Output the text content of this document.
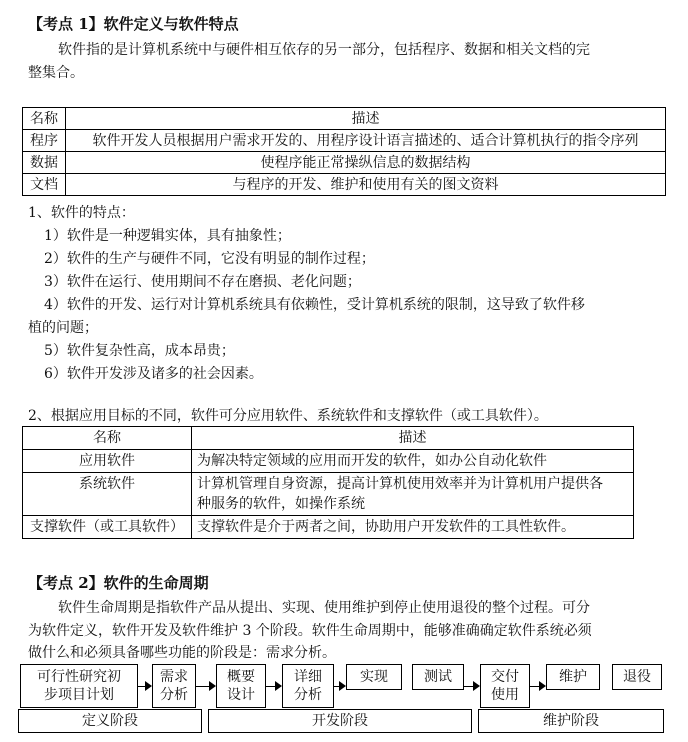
【考点 1】软件定义与软件特点
软件指的是计算机系统中与硬件相互依存的另一部分，包括程序、数据和相关文档的完
整集合。
名称	描述
程序	软件开发人员根据用户需求开发的、用程序设计语言描述的、适合计算机执行的指令序列
数据	使程序能正常操纵信息的数据结构
文档	与程序的开发、维护和使用有关的图文资料
1、软件的特点：
1）软件是一种逻辑实体，具有抽象性；
2）软件的生产与硬件不同，它没有明显的制作过程；
3）软件在运行、使用期间不存在磨损、老化问题；
4）软件的开发、运行对计算机系统具有依赖性，受计算机系统的限制，这导致了软件移
植的问题；
5）软件复杂性高，成本昂贵；
6）软件开发涉及诸多的社会因素。
2、根据应用目标的不同，软件可分应用软件、系统软件和支撑软件（或工具软件）。
名称	描述
应用软件	为解决特定领域的应用而开发的软件，如办公自动化软件
系统软件	计算机管理自身资源，提高计算机使用效率并为计算机用户提供各
种服务的软件，如操作系统

支撑软件（或工具软件）	支撑软件是介于两者之间，协助用户开发软件的工具性软件。
【考点 2】软件的生命周期
软件生命周期是指软件产品从提出、实现、使用维护到停止使用退役的整个过程。可分
为软件定义，软件开发及软件维护 3 个阶段。软件生命周期中，能够准确确定软件系统必须
做什么和必须具备哪些功能的阶段是：需求分析。
可行性研究初
步项目计划
需求
分析
概要
设计
详细
分析
实现	测试	交付
使用
维护	退役
定义阶段	开发阶段	维护阶段
